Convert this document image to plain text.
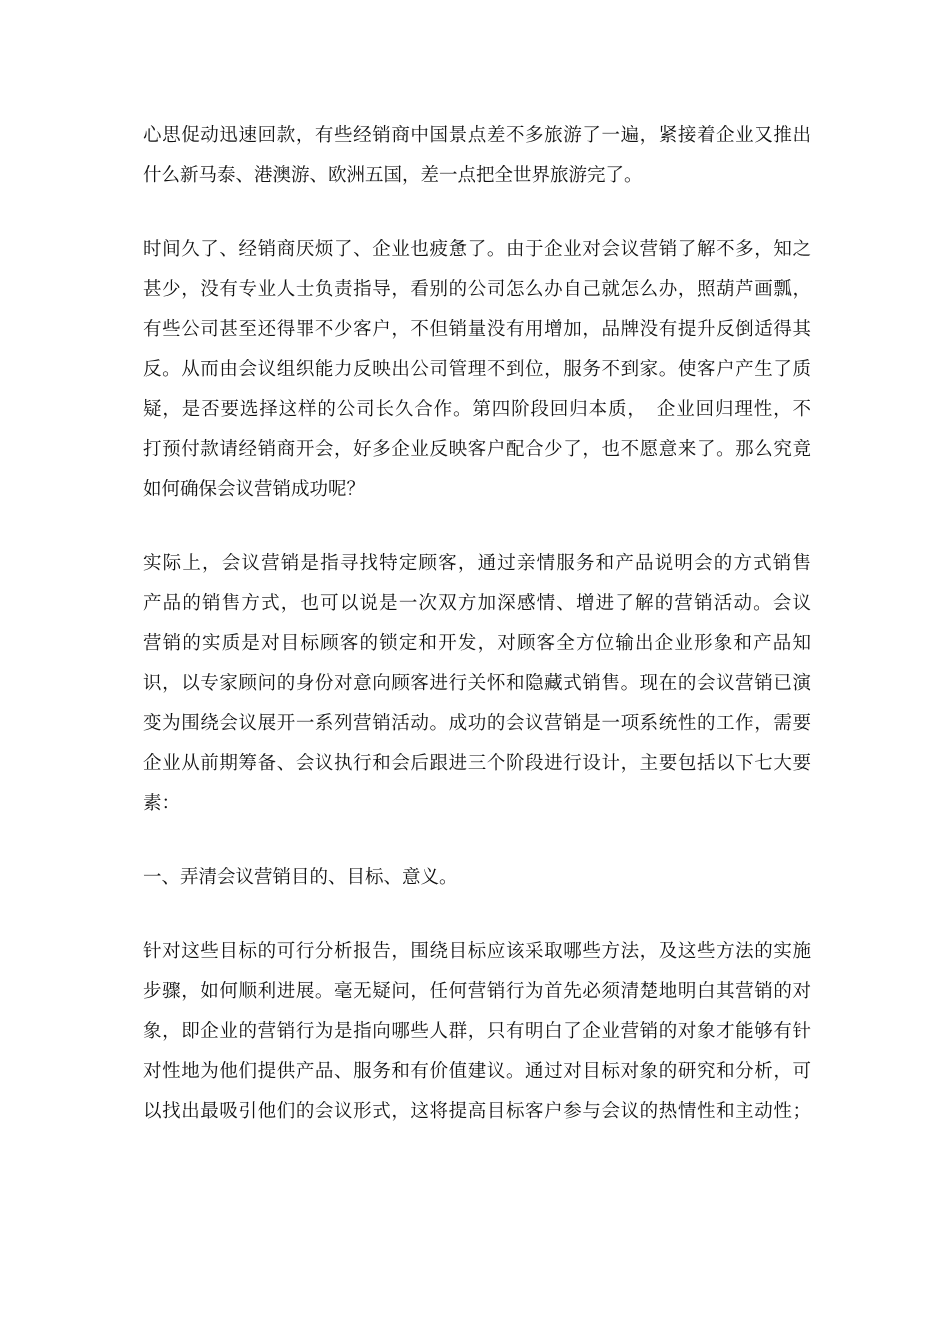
心思促动迅速回款，有些经销商中国景点差不多旅游了一遍，紧接着企业又推出
什么新马泰、港澳游、欧洲五国，差一点把全世界旅游完了。

时间久了、经销商厌烦了、企业也疲惫了。由于企业对会议营销了解不多，知之
甚少，没有专业人士负责指导，看别的公司怎么办自己就怎么办，照葫芦画瓢，
有些公司甚至还得罪不少客户，不但销量没有用增加，品牌没有提升反倒适得其
反。从而由会议组织能力反映出公司管理不到位，服务不到家。使客户产生了质
疑，是否要选择这样的公司长久合作。第四阶段回归本质，　企业回归理性，不
打预付款请经销商开会，好多企业反映客户配合少了，也不愿意来了。那么究竟
如何确保会议营销成功呢？

实际上，会议营销是指寻找特定顾客，通过亲情服务和产品说明会的方式销售
产品的销售方式，也可以说是一次双方加深感情、增进了解的营销活动。会议
营销的实质是对目标顾客的锁定和开发，对顾客全方位输出企业形象和产品知
识，以专家顾问的身份对意向顾客进行关怀和隐藏式销售。现在的会议营销已演
变为围绕会议展开一系列营销活动。成功的会议营销是一项系统性的工作，需要
企业从前期筹备、会议执行和会后跟进三个阶段进行设计，主要包括以下七大要
素：

一、弄清会议营销目的、目标、意义。

针对这些目标的可行分析报告，围绕目标应该采取哪些方法，及这些方法的实施
步骤，如何顺利进展。毫无疑问，任何营销行为首先必须清楚地明白其营销的对
象，即企业的营销行为是指向哪些人群，只有明白了企业营销的对象才能够有针
对性地为他们提供产品、服务和有价值建议。通过对目标对象的研究和分析，可
以找出最吸引他们的会议形式，这将提高目标客户参与会议的热情性和主动性；
